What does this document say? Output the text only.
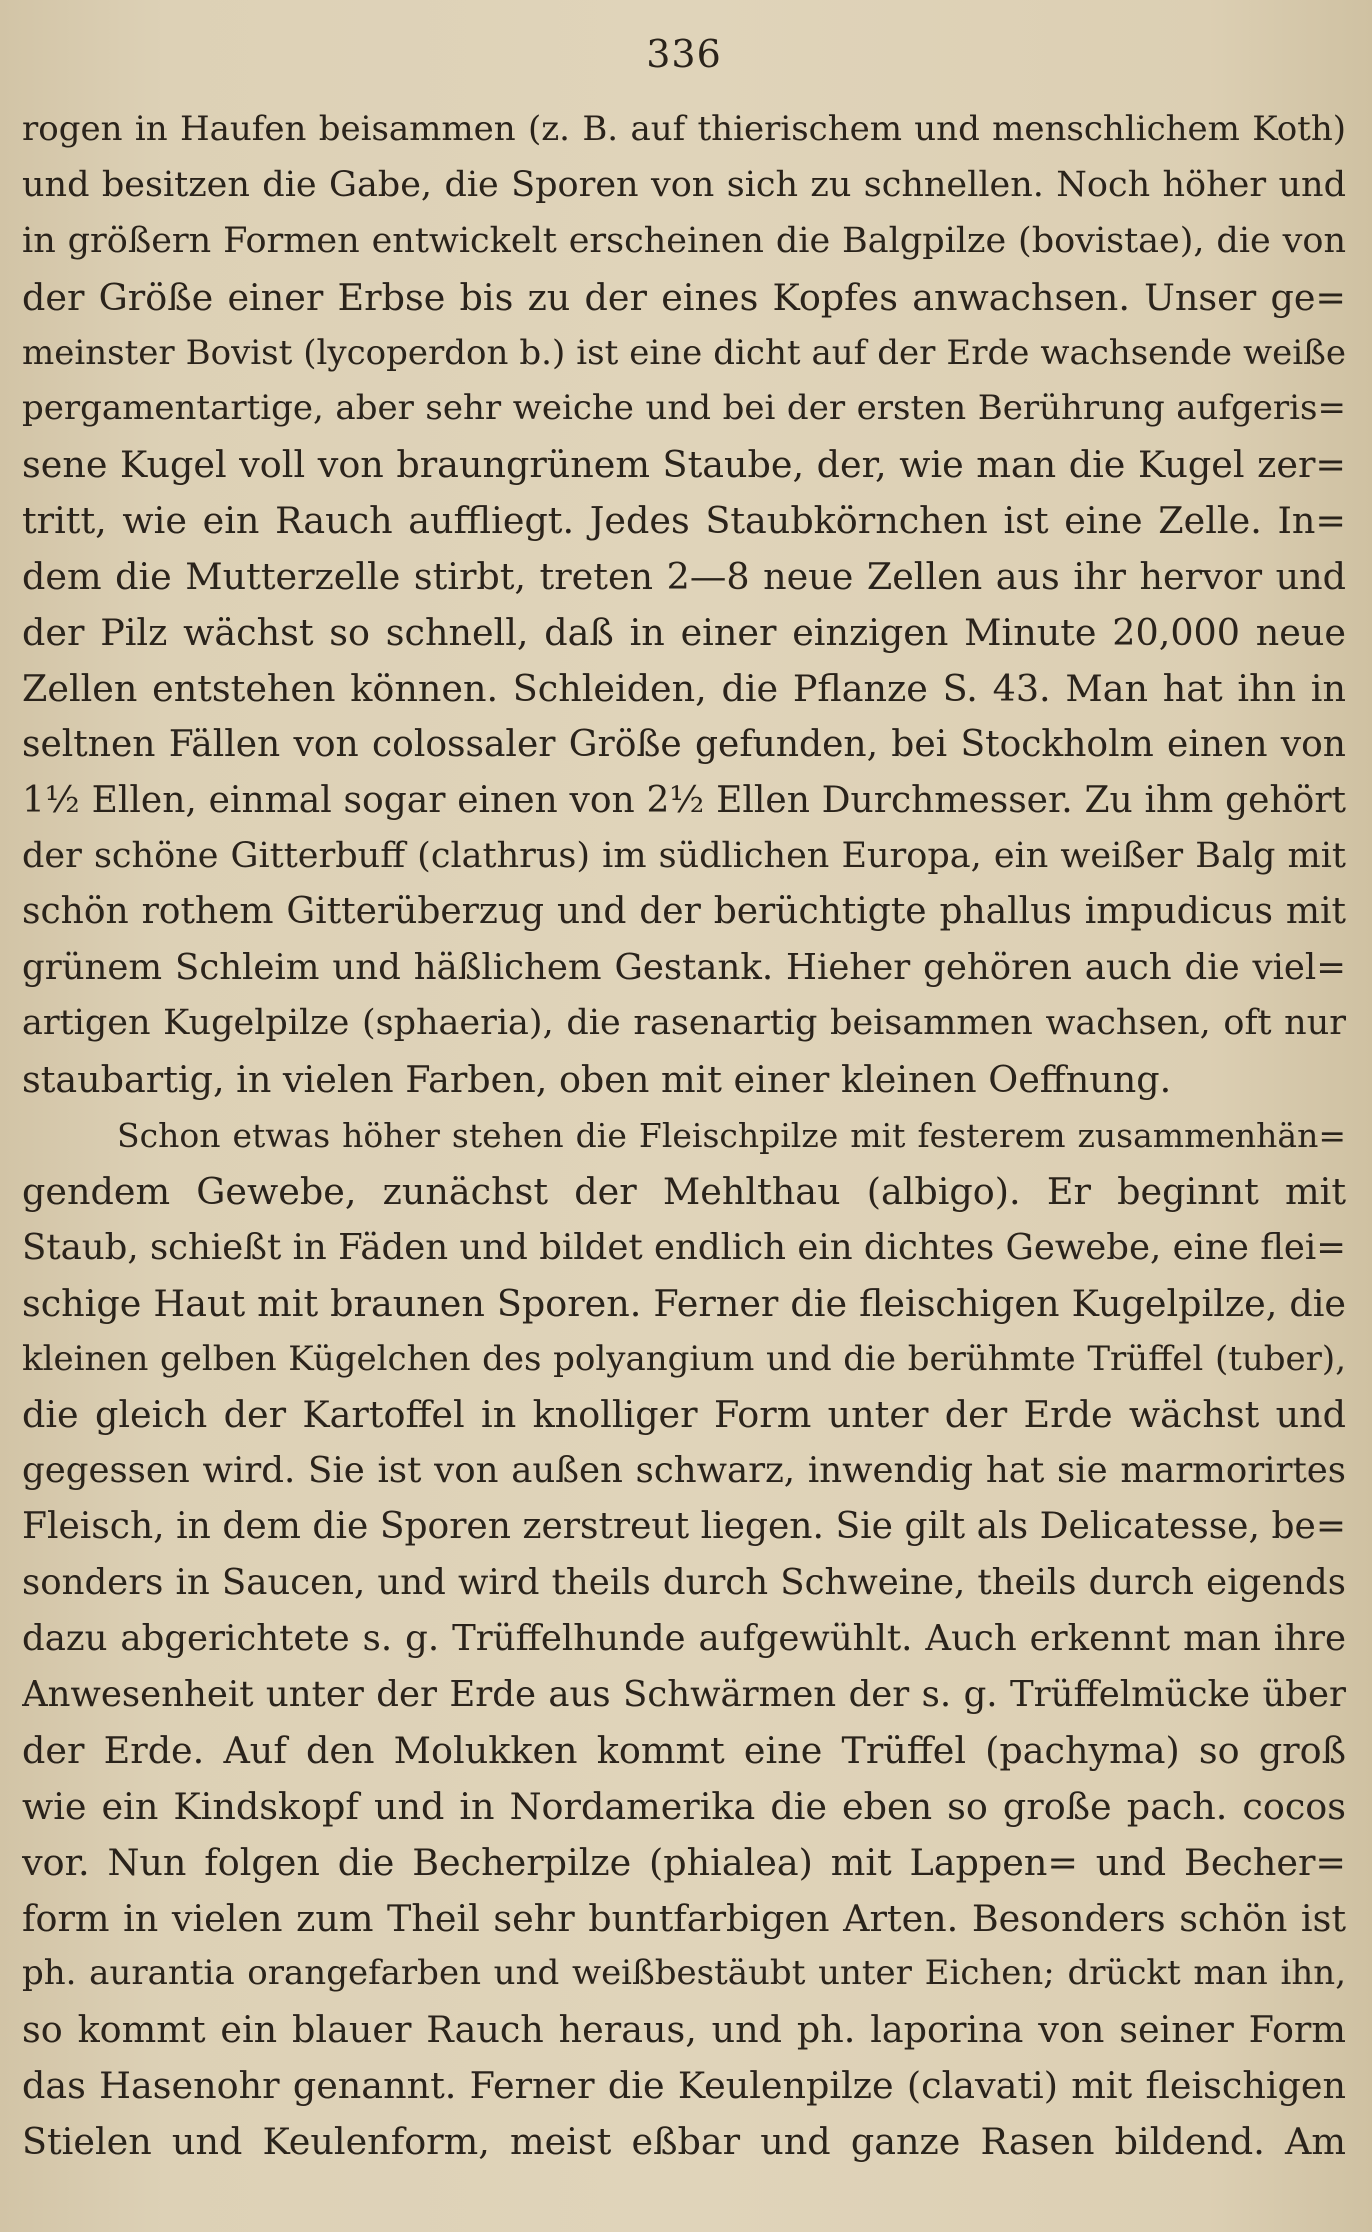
336
rogen in Haufen beisammen (z. B. auf thierischem und menschlichem Koth)
und besitzen die Gabe, die Sporen von sich zu schnellen. Noch höher und
in größern Formen entwickelt erscheinen die Balgpilze (bovistae), die von
der Größe einer Erbse bis zu der eines Kopfes anwachsen. Unser ge=
meinster Bovist (lycoperdon b.) ist eine dicht auf der Erde wachsende weiße
pergamentartige, aber sehr weiche und bei der ersten Berührung aufgeris=
sene Kugel voll von braungrünem Staube, der, wie man die Kugel zer=
tritt, wie ein Rauch auffliegt. Jedes Staubkörnchen ist eine Zelle. In=
dem die Mutterzelle stirbt, treten 2—8 neue Zellen aus ihr hervor und
der Pilz wächst so schnell, daß in einer einzigen Minute 20,000 neue
Zellen entstehen können. Schleiden, die Pflanze S. 43. Man hat ihn in
seltnen Fällen von colossaler Größe gefunden, bei Stockholm einen von
1½ Ellen, einmal sogar einen von 2½ Ellen Durchmesser. Zu ihm gehört
der schöne Gitterbuff (clathrus) im südlichen Europa, ein weißer Balg mit
schön rothem Gitterüberzug und der berüchtigte phallus impudicus mit
grünem Schleim und häßlichem Gestank. Hieher gehören auch die viel=
artigen Kugelpilze (sphaeria), die rasenartig beisammen wachsen, oft nur
staubartig, in vielen Farben, oben mit einer kleinen Oeffnung.
Schon etwas höher stehen die Fleischpilze mit festerem zusammenhän=
gendem Gewebe, zunächst der Mehlthau (albigo). Er beginnt mit
Staub, schießt in Fäden und bildet endlich ein dichtes Gewebe, eine flei=
schige Haut mit braunen Sporen. Ferner die fleischigen Kugelpilze, die
kleinen gelben Kügelchen des polyangium und die berühmte Trüffel (tuber),
die gleich der Kartoffel in knolliger Form unter der Erde wächst und
gegessen wird. Sie ist von außen schwarz, inwendig hat sie marmorirtes
Fleisch, in dem die Sporen zerstreut liegen. Sie gilt als Delicatesse, be=
sonders in Saucen, und wird theils durch Schweine, theils durch eigends
dazu abgerichtete s. g. Trüffelhunde aufgewühlt. Auch erkennt man ihre
Anwesenheit unter der Erde aus Schwärmen der s. g. Trüffelmücke über
der Erde. Auf den Molukken kommt eine Trüffel (pachyma) so groß
wie ein Kindskopf und in Nordamerika die eben so große pach. cocos
vor. Nun folgen die Becherpilze (phialea) mit Lappen= und Becher=
form in vielen zum Theil sehr buntfarbigen Arten. Besonders schön ist
ph. aurantia orangefarben und weißbestäubt unter Eichen; drückt man ihn,
so kommt ein blauer Rauch heraus, und ph. laporina von seiner Form
das Hasenohr genannt. Ferner die Keulenpilze (clavati) mit fleischigen
Stielen und Keulenform, meist eßbar und ganze Rasen bildend. Am
